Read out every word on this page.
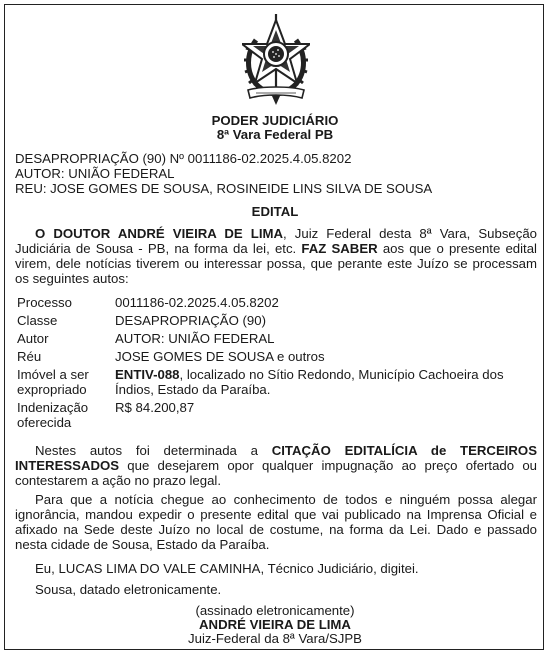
PODER JUDICIÁRIO
8ª Vara Federal PB
DESAPROPRIAÇÃO (90) Nº 0011186-02.2025.4.05.8202
AUTOR: UNIÃO FEDERAL
REU: JOSE GOMES DE SOUSA, ROSINEIDE LINS SILVA DE SOUSA
EDITAL
O DOUTOR ANDRÉ VIEIRA DE LIMA, Juiz Federal desta 8ª Vara, Subseção Judiciária de Sousa - PB, na forma da lei, etc. FAZ SABER aos que o presente edital virem, dele notícias tiverem ou interessar possa, que perante este Juízo se processam os seguintes autos:
Processo	0011186-02.2025.4.05.8202
Classe	DESAPROPRIAÇÃO (90)
Autor	AUTOR: UNIÃO FEDERAL
Réu	JOSE GOMES DE SOUSA e outros
Imóvel a ser
expropriado	ENTIV-088, localizado no Sítio Redondo, Município Cachoeira dos Índios, Estado da Paraíba.
Indenização
oferecida	R$ 84.200,87
Nestes autos foi determinada a CITAÇÃO EDITALÍCIA de TERCEIROS INTERESSADOS que desejarem opor qualquer impugnação ao preço ofertado ou contestarem a ação no prazo legal.
Para que a notícia chegue ao conhecimento de todos e ninguém possa alegar ignorância, mandou expedir o presente edital que vai publicado na Imprensa Oficial e afixado na Sede deste Juízo no local de costume, na forma da Lei. Dado e passado nesta cidade de Sousa, Estado da Paraíba.
Eu, LUCAS LIMA DO VALE CAMINHA, Técnico Judiciário, digitei.
Sousa, datado eletronicamente.
(assinado eletronicamente)
ANDRÉ VIEIRA DE LIMA
Juiz-Federal da 8ª Vara/SJPB
